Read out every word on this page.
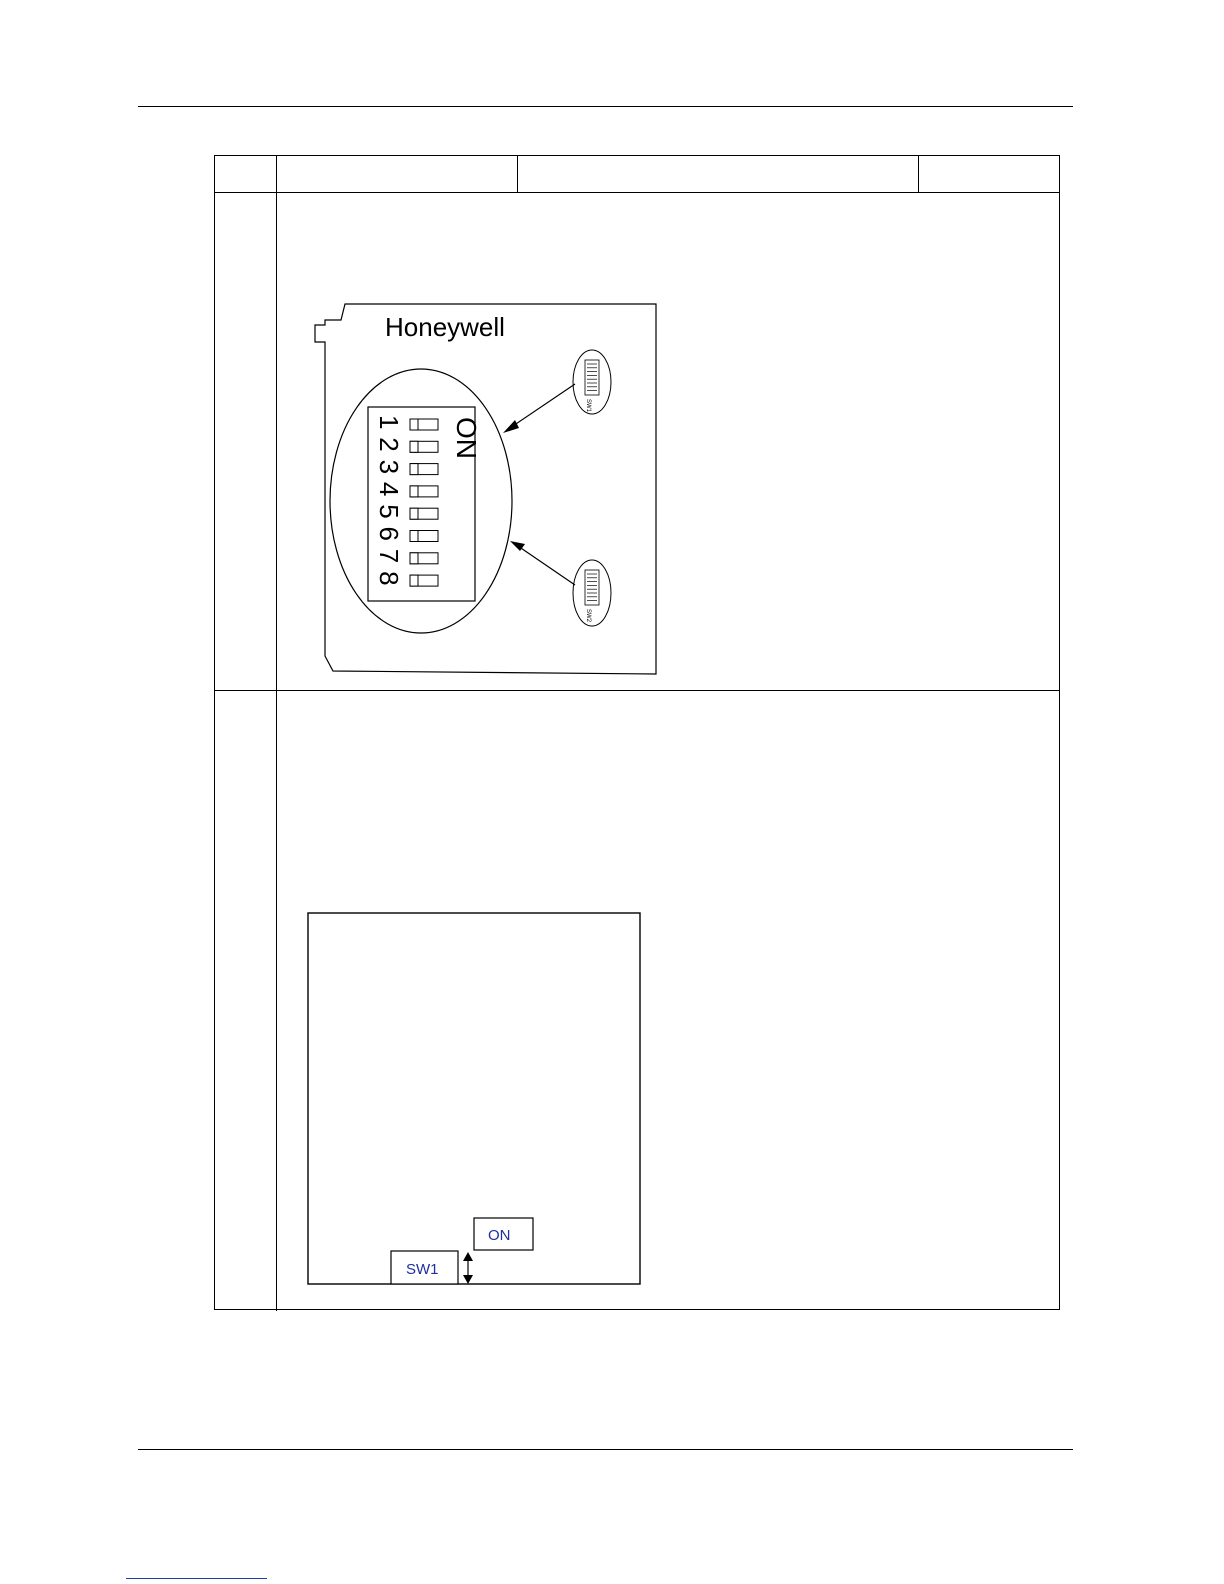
Honeywell
ON
1
2
3
4
5
6
7
8
SW1
SW2
ON
SW1
